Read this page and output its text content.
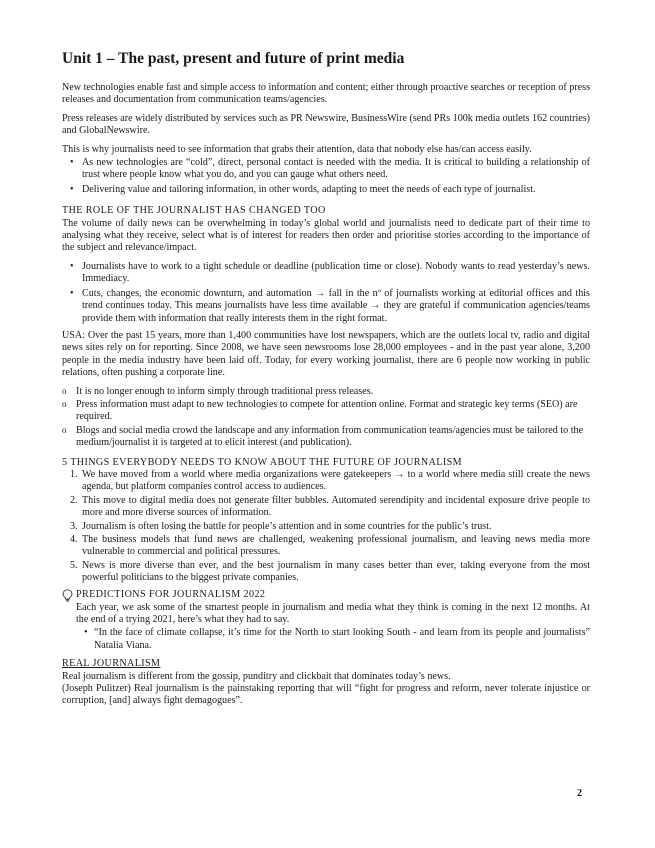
Unit 1 – The past, present and future of print media

New technologies enable fast and simple access to information and content; either through proactive searches or reception of press releases and documentation from communication teams/agencies.

Press releases are widely distributed by services such as PR Newswire, BusinessWire (send PRs 100k media outlets 162 countries) and GlobalNewswire.

This is why journalists need to see information that grabs their attention, data that nobody else has/can access easily.

• As new technologies are “cold”, direct, personal contact is needed with the media. It is critical to building a relationship of trust where people know what you do, and you can gauge what others need.
• Delivering value and tailoring information, in other words, adapting to meet the needs of each type of journalist.
THE ROLE OF THE JOURNALIST HAS CHANGED TOO

The volume of daily news can be overwhelming in today’s global world and journalists need to dedicate part of their time to analysing what they receive, select what is of interest for readers then order and prioritise stories according to the importance of the subject and relevance/impact.

• Journalists have to work to a tight schedule or deadline (publication time or close). Nobody wants to read yesterday’s news. Immediacy.
• Cuts, changes, the economic downturn, and automation → fall in the nº of journalists working at editorial offices and this trend continues today. This means journalists have less time available → they are grateful if communication agencies/teams provide them with information that really interests them in the right format.

USA: Over the past 15 years, more than 1,400 communities have lost newspapers, which are the outlets local tv, radio and digital news sites rely on for reporting. Since 2008, we have seen newsrooms lose 28,000 employees - and in the past year alone, 3,200 people in the media industry have been laid off. Today, for every working journalist, there are 6 people now working in public relations, often pushing a corporate line.

o It is no longer enough to inform simply through traditional press releases.
o Press information must adapt to new technologies to compete for attention online. Format and strategic key terms (SEO) are required.
o Blogs and social media crowd the landscape and any information from communication teams/agencies must be tailored to the medium/journalist it is targeted at to elicit interest (and publication).
5 THINGS EVERYBODY NEEDS TO KNOW ABOUT THE FUTURE OF JOURNALISM
1. We have moved from a world where media organizations were gatekeepers → to a world where media still create the news agenda, but platform companies control access to audiences.
2. This move to digital media does not generate filter bubbles. Automated serendipity and incidental exposure drive people to more and more diverse sources of information.
3. Journalism is often losing the battle for people’s attention and in some countries for the public’s trust.
4. The business models that fund news are challenged, weakening professional journalism, and leaving news media more vulnerable to commercial and political pressures.
5. News is more diverse than ever, and the best journalism in many cases better than ever, taking everyone from the most powerful politicians to the biggest private companies.
PREDICTIONS FOR JOURNALISM 2022

Each year, we ask some of the smartest people in journalism and media what they think is coming in the next 12 months. At the end of a trying 2021, here’s what they had to say.

• “In the face of climate collapse, it’s time for the North to start looking South - and learn from its people and journalists” Natalia Viana.
REAL JOURNALISM

Real journalism is different from the gossip, punditry and clickbait that dominates today’s news.

(Joseph Pulitzer) Real journalism is the painstaking reporting that will “fight for progress and reform, never tolerate injustice or corruption, [and] always fight demagogues”.

2
